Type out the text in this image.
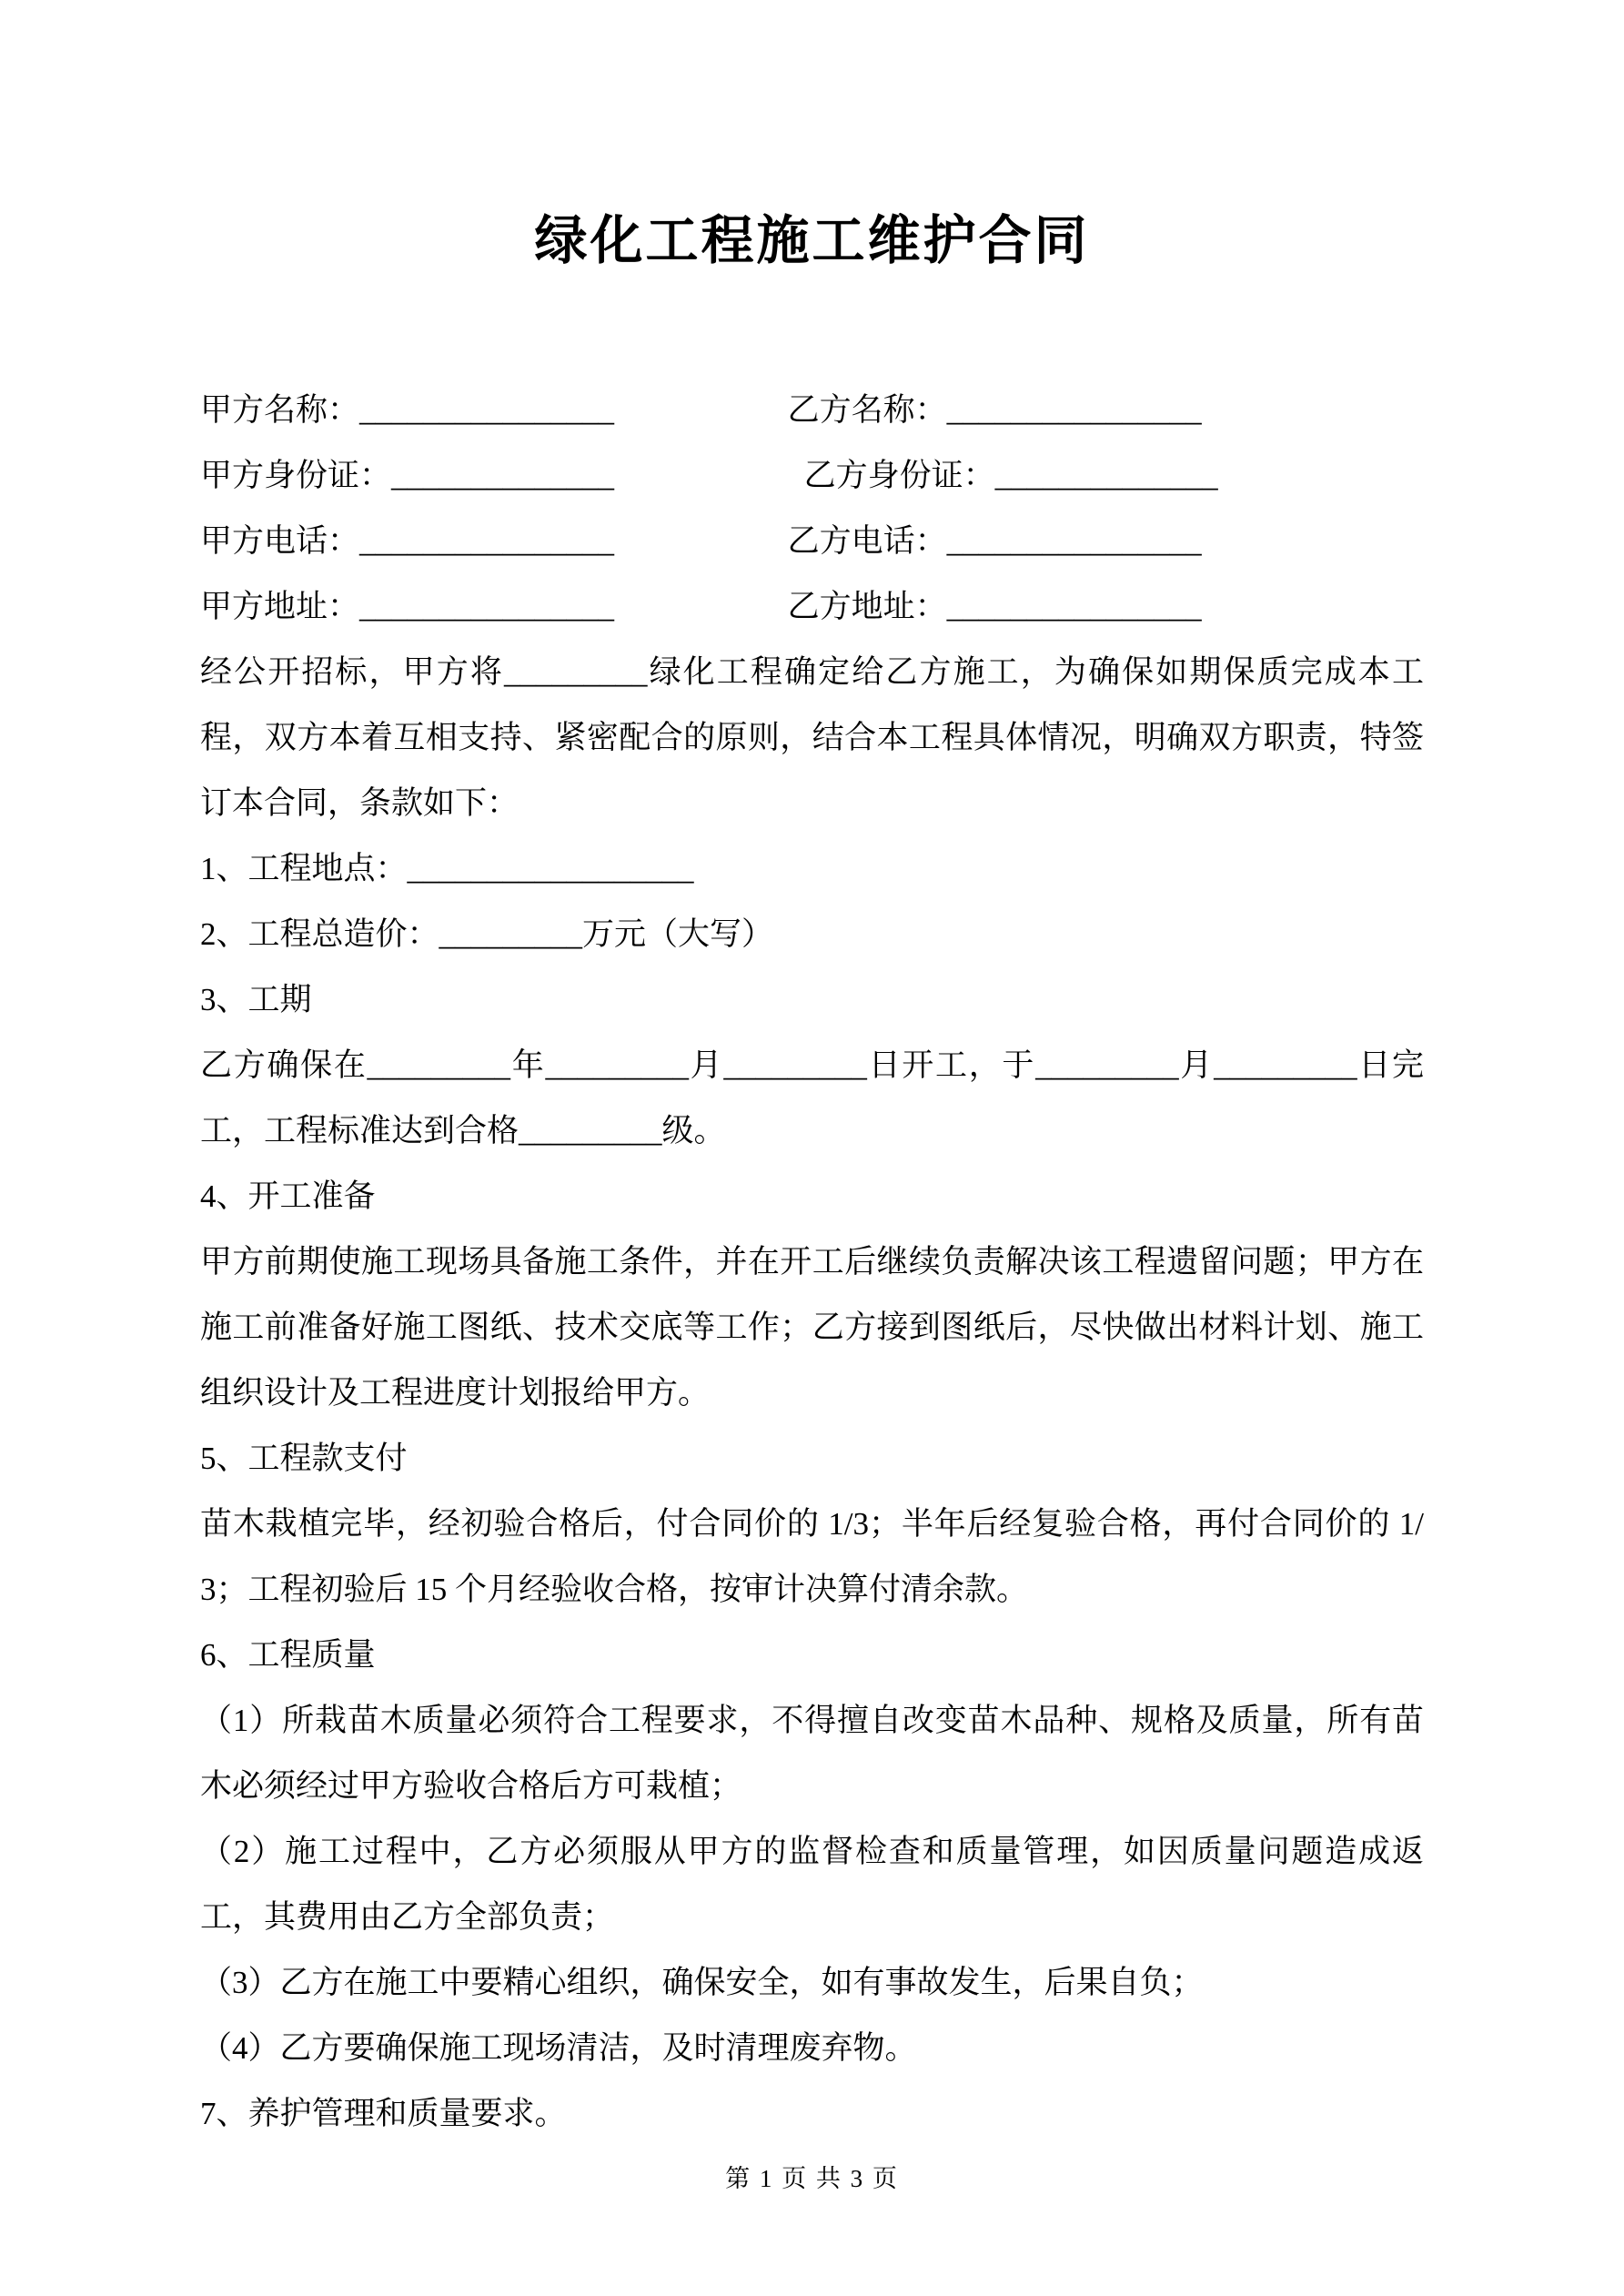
绿化工程施工维护合同
甲方名称：________________	乙方名称：________________
甲方身份证：______________	乙方身份证：______________
甲方电话：________________	乙方电话：________________
甲方地址：________________	乙方地址：________________

经公开招标，甲方将_________绿化工程确定给乙方施工，为确保如期保质完成本工程，双方本着互相支持、紧密配合的原则，结合本工程具体情况，明确双方职责，特签订本合同，条款如下：

1、工程地点：__________________

2、工程总造价：_________万元（大写）

3、工期

乙方确保在_________年_________月_________日开工，于_________月_________日完工，工程标准达到合格_________级。

4、开工准备

甲方前期使施工现场具备施工条件，并在开工后继续负责解决该工程遗留问题；甲方在施工前准备好施工图纸、技术交底等工作；乙方接到图纸后，尽快做出材料计划、施工组织设计及工程进度计划报给甲方。

5、工程款支付

苗木栽植完毕，经初验合格后，付合同价的 1/3；半年后经复验合格，再付合同价的 1/3；工程初验后 15 个月经验收合格，按审计决算付清余款。

6、工程质量

（1）所栽苗木质量必须符合工程要求，不得擅自改变苗木品种、规格及质量，所有苗木必须经过甲方验收合格后方可栽植；

（2）施工过程中，乙方必须服从甲方的监督检查和质量管理，如因质量问题造成返工，其费用由乙方全部负责；

（3）乙方在施工中要精心组织，确保安全，如有事故发生，后果自负；

（4）乙方要确保施工现场清洁，及时清理废弃物。

7、养护管理和质量要求。

第 1 页 共 3 页
